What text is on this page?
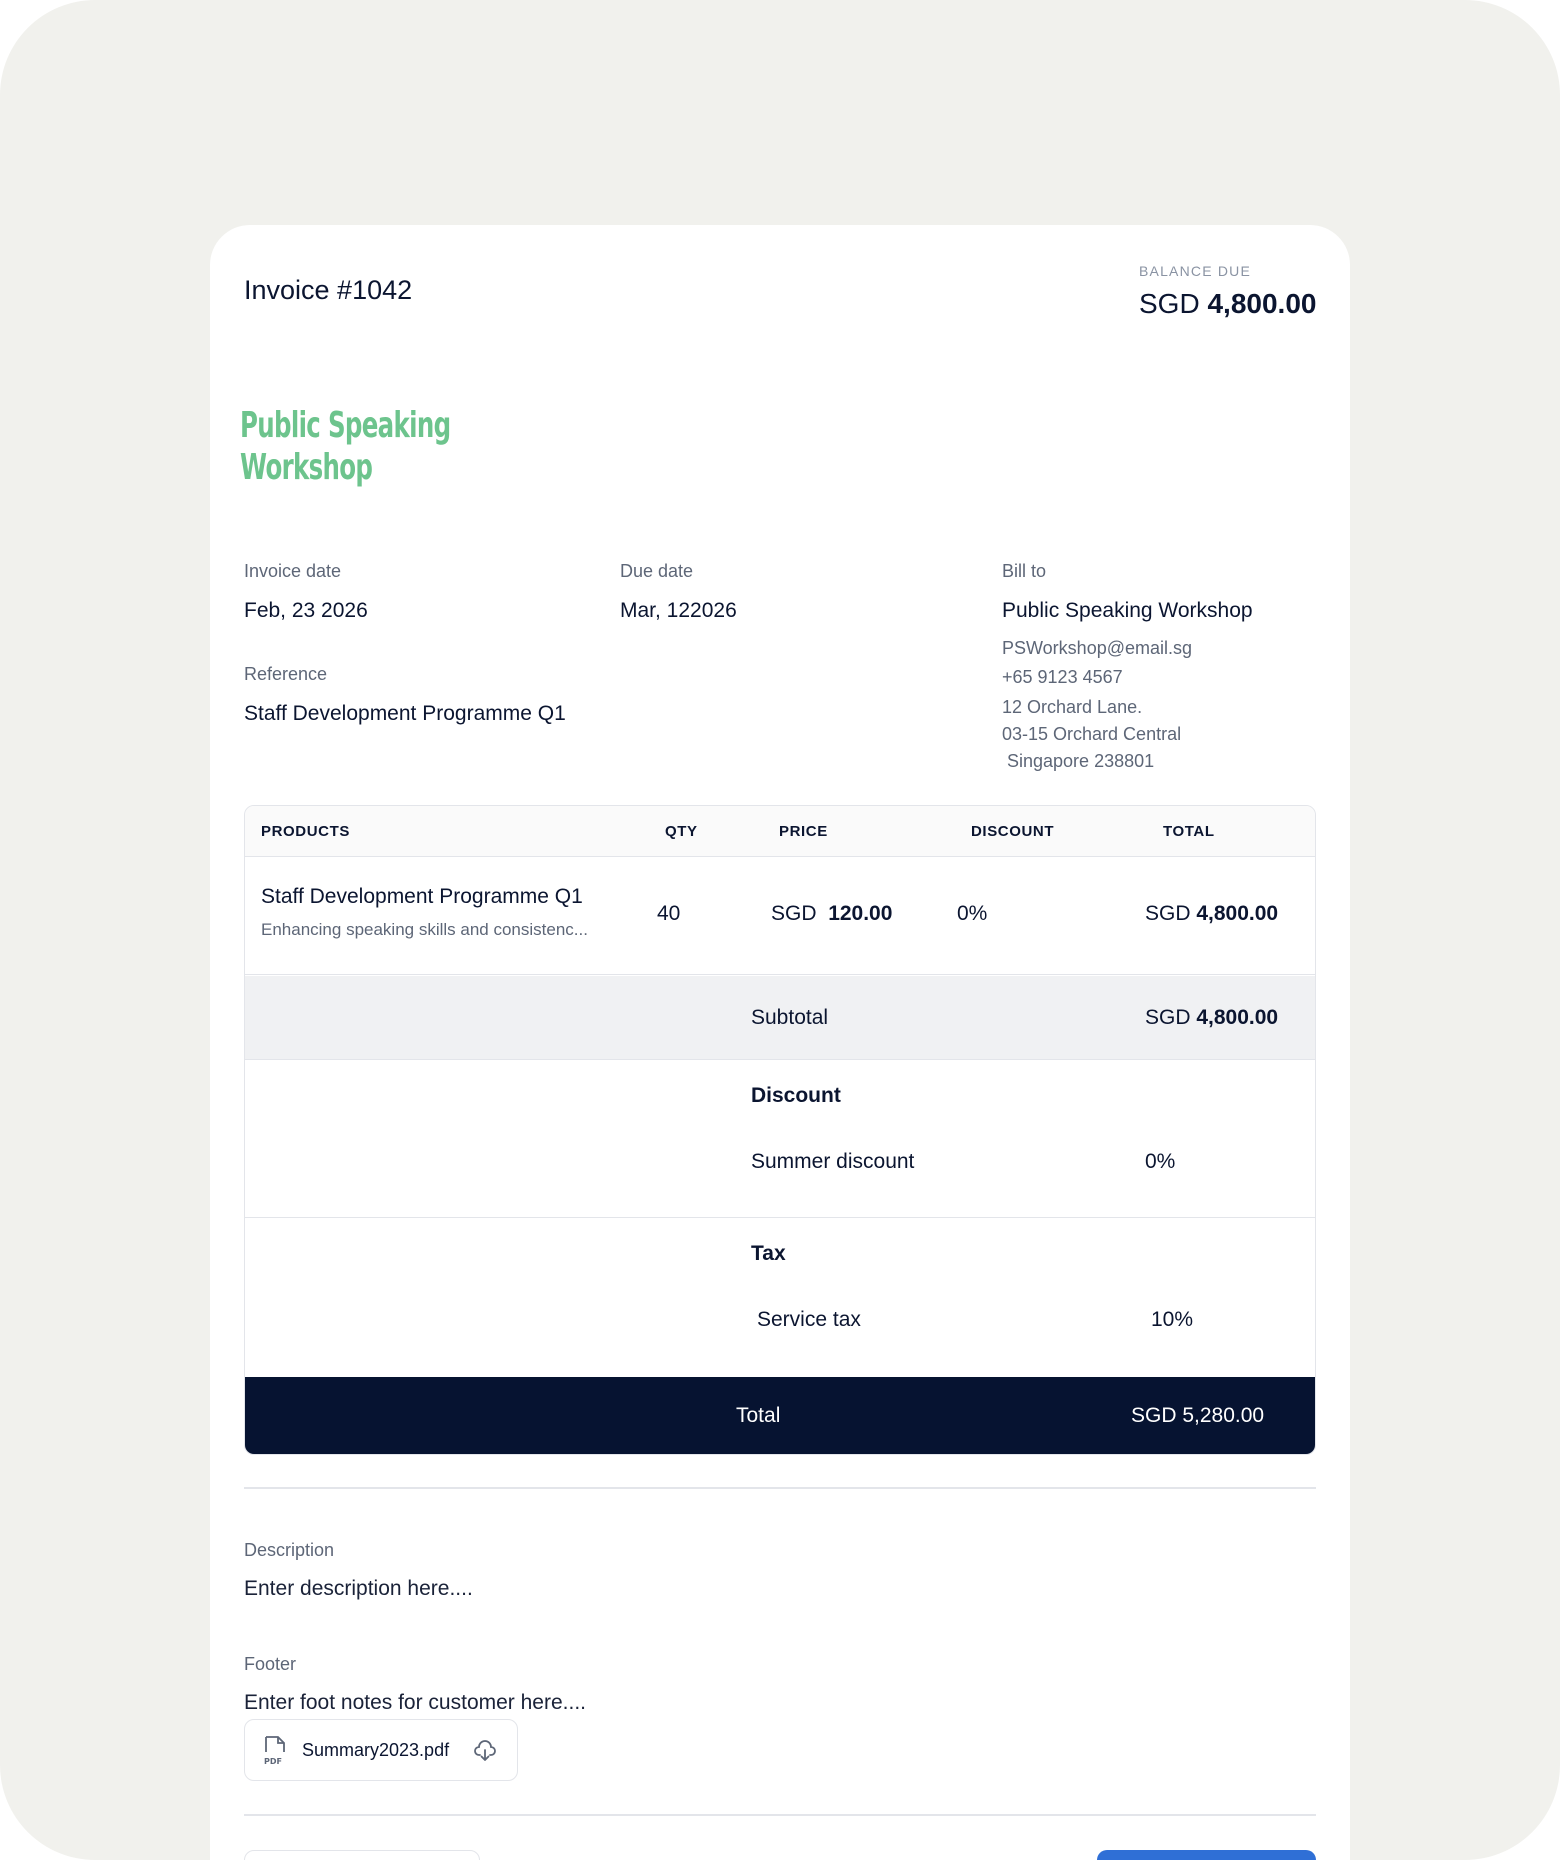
Invoice #1042
BALANCE DUE
SGD 4,800.00
Public Speaking
Workshop
Invoice date
Feb, 23 2026
Due date
Mar, 122026
Reference
Staff Development Programme Q1
Bill to
Public Speaking Workshop
PSWorkshop@email.sg
+65 9123 4567
12 Orchard Lane.
03-15 Orchard Central
Singapore 238801
PRODUCTS	QTY	PRICE	DISCOUNT	TOTAL
Staff Development Programme Q1
Enhancing speaking skills and consistenc...
40	SGD 120.00	0%	SGD 4,800.00
Subtotal	SGD 4,800.00
Discount
Summer discount	0%
Tax
Service tax	10%
Total	SGD 5,280.00
Description
Enter description here....
Footer
Enter foot notes for customer here....
PDF
Summary2023.pdf
